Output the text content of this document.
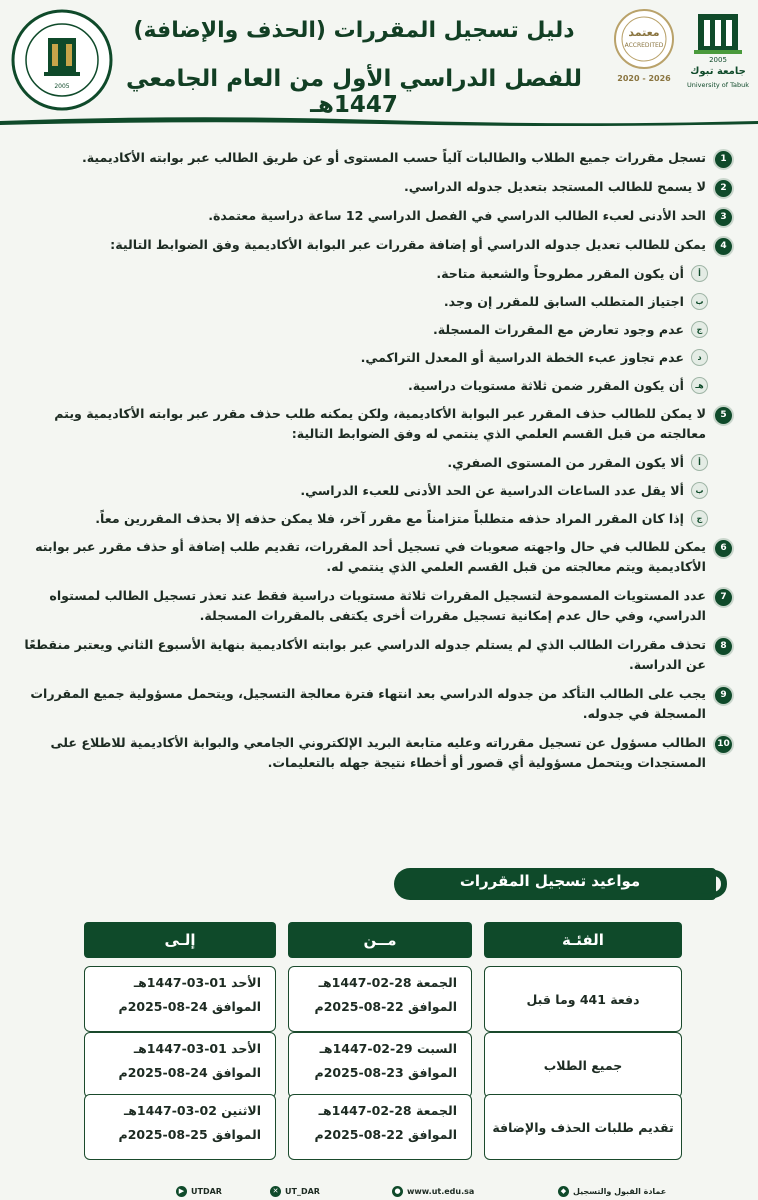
2005
معتمد
ACCREDITED
2020 - 2026
2005
جامعة تبوك
University of Tabuk
دليل تسجيل المقررات (الحذف والإضافة)
للفصل الدراسي الأول من العام الجامعي 1447هـ
1
تسجل مقررات جميع الطلاب والطالبات آلياً حسب المستوى أو عن طريق الطالب عبر بوابته الأكاديمية.
2
لا يسمح للطالب المستجد بتعديل جدوله الدراسي.
3
الحد الأدنى لعبء الطالب الدراسي في الفصل الدراسي 12 ساعة دراسية معتمدة.
4
يمكن للطالب تعديل جدوله الدراسي أو إضافة مقررات عبر البوابة الأكاديمية وفق الضوابط التالية:
أ
أن يكون المقرر مطروحاً والشعبة متاحة.
ب
اجتياز المتطلب السابق للمقرر إن وجد.
ج
عدم وجود تعارض مع المقررات المسجلة.
د
عدم تجاوز عبء الخطة الدراسية أو المعدل التراكمي.
هـ
أن يكون المقرر ضمن ثلاثة مستويات دراسية.
5
لا يمكن للطالب حذف المقرر عبر البوابة الأكاديمية، ولكن يمكنه طلب حذف مقرر عبر بوابته الأكاديمية ويتم معالجته من قبل القسم العلمي الذي ينتمي له وفق الضوابط التالية:
أ
ألا يكون المقرر من المستوى الصفري.
ب
ألا يقل عدد الساعات الدراسية عن الحد الأدنى للعبء الدراسي.
ج
إذا كان المقرر المراد حذفه متطلباً متزامناً مع مقرر آخر، فلا يمكن حذفه إلا بحذف المقررين معاً.
6
يمكن للطالب في حال واجهته صعوبات في تسجيل أحد المقررات، تقديم طلب إضافة أو حذف مقرر عبر بوابته الأكاديمية ويتم معالجته من قبل القسم العلمي الذي ينتمي له.
7
عدد المستويات المسموحة لتسجيل المقررات ثلاثة مستويات دراسية فقط عند تعذر تسجيل الطالب لمستواه الدراسي، وفي حال عدم إمكانية تسجيل مقررات أخرى يكتفى بالمقررات المسجلة.
8
تحذف مقررات الطالب الذي لم يستلم جدوله الدراسي عبر بوابته الأكاديمية بنهاية الأسبوع الثاني ويعتبر منقطعًا عن الدراسة.
9
يجب على الطالب التأكد من جدوله الدراسي بعد انتهاء فترة معالجة التسجيل، ويتحمل مسؤولية جميع المقررات المسجلة في جدوله.
10
الطالب مسؤول عن تسجيل مقرراته وعليه متابعة البريد الإلكتروني الجامعي والبوابة الأكاديمية للاطلاع على المستجدات ويتحمل مسؤولية أي قصور أو أخطاء نتيجة جهله بالتعليمات.
مواعيد تسجيل المقررات
الفئـة
مــن
إلـى
دفعة 441 وما قبل
الجمعة 28-02-1447هـ
الموافق 22-08-2025م
الأحد 01-03-1447هـ
الموافق 24-08-2025م
جميع الطلاب
السبت 29-02-1447هـ
الموافق 23-08-2025م
الأحد 01-03-1447هـ
الموافق 24-08-2025م
تقديم طلبات الحذف والإضافة
الجمعة 28-02-1447هـ
الموافق 22-08-2025م
الاثنين 02-03-1447هـ
الموافق 25-08-2025م
◆ عمادة القبول والتسجيل
● www.ut.edu.sa
✕ UT_DAR
▶ UTDAR
